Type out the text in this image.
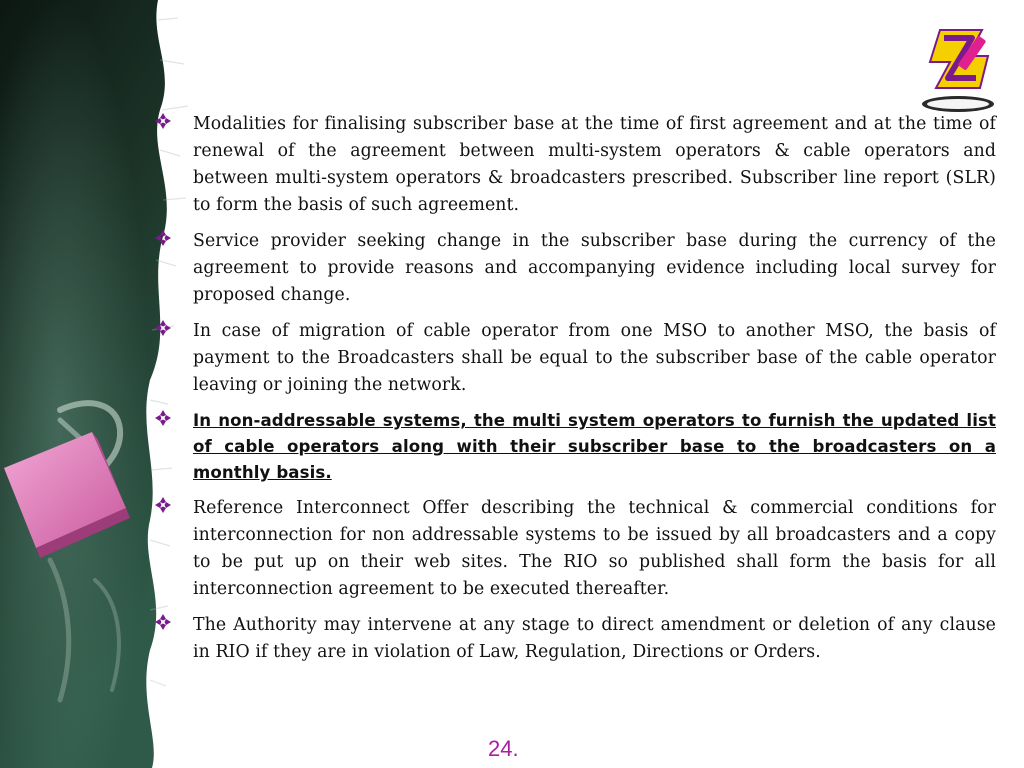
Modalities for finalising subscriber base at the time of first agreement and at the time of renewal of the agreement between multi-system operators & cable operators and between multi-system operators & broadcasters prescribed. Subscriber line report (SLR) to form the basis of such agreement.
Service provider seeking change in the subscriber base during the currency of the agreement to provide reasons and accompanying evidence including local survey for proposed change.
In case of migration of cable operator from one MSO to another MSO, the basis of payment to the Broadcasters shall be equal to the subscriber base of the cable operator leaving or joining the network.
In non-addressable systems, the multi system operators to furnish the updated list of cable operators along with their subscriber base to the broadcasters on a monthly basis.
Reference Interconnect Offer describing the technical & commercial conditions for interconnection for non addressable systems to be issued by all broadcasters and a copy to be put up on their web sites. The RIO so published shall form the basis for all interconnection agreement to be executed thereafter.
The Authority may intervene at any stage to direct amendment or deletion of any clause in RIO if they are in violation of Law, Regulation, Directions or Orders.
24.
